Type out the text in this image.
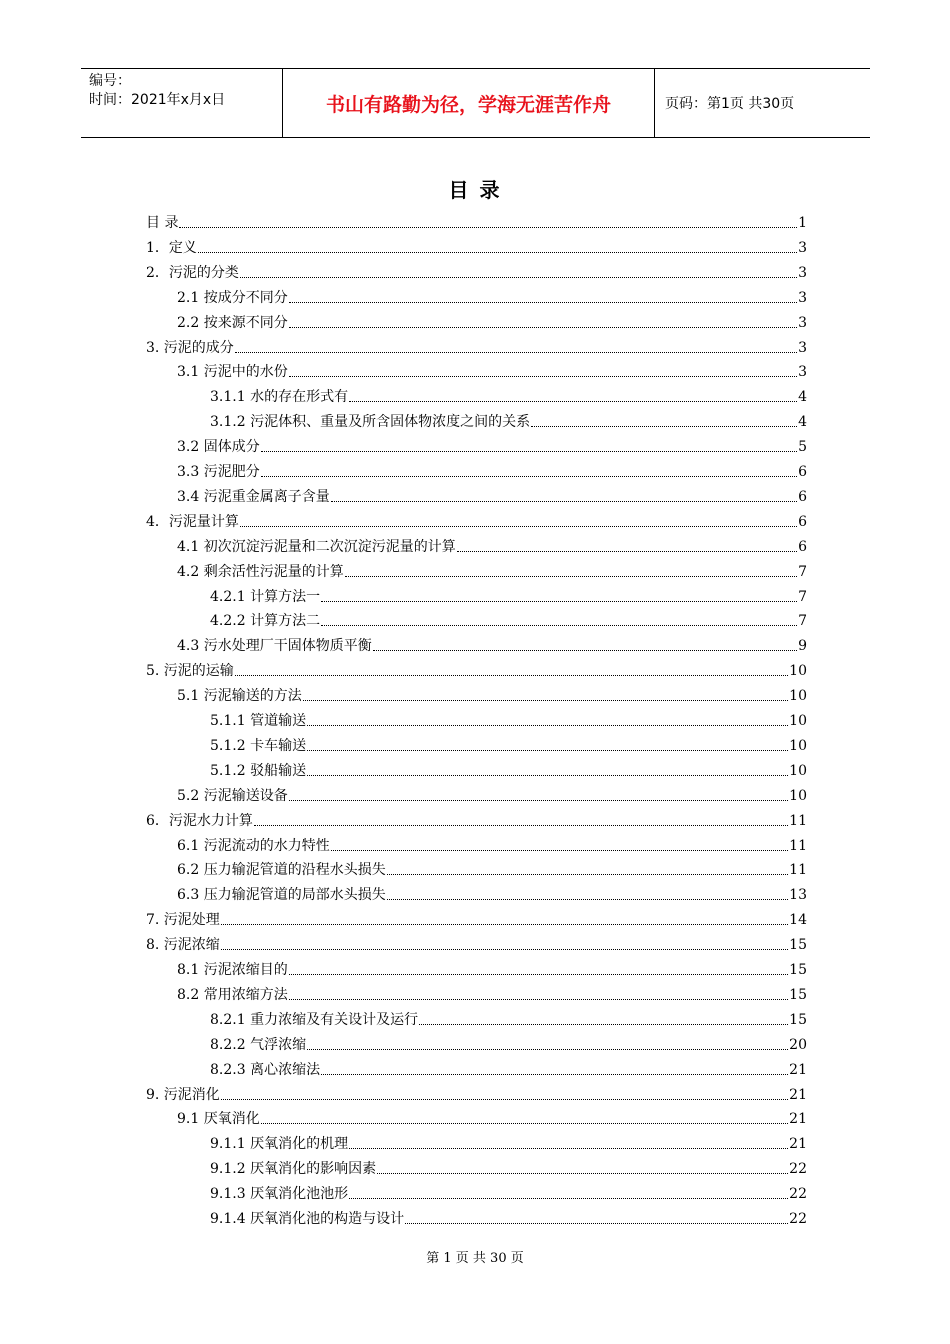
编号：
时间：2021年x月x日	书山有路勤为径，学海无涯苦作舟	页码：第1页 共30页
目 录
目 录	1
1．定义	3
2．污泥的分类	3
2.1 按成分不同分	3
2.2 按来源不同分	3
3. 污泥的成分	3
3.1 污泥中的水份	3
3.1.1 水的存在形式有	4
3.1.2 污泥体积、重量及所含固体物浓度之间的关系	4
3.2 固体成分	5
3.3 污泥肥分	6
3.4 污泥重金属离子含量	6
4．污泥量计算	6
4.1 初次沉淀污泥量和二次沉淀污泥量的计算	6
4.2 剩余活性污泥量的计算	7
4.2.1 计算方法一	7
4.2.2 计算方法二	7
4.3 污水处理厂干固体物质平衡	9
5. 污泥的运输	10
5.1 污泥输送的方法	10
5.1.1 管道输送	10
5.1.2 卡车输送	10
5.1.2 驳船输送	10
5.2 污泥输送设备	10
6．污泥水力计算	11
6.1 污泥流动的水力特性	11
6.2 压力输泥管道的沿程水头损失	11
6.3 压力输泥管道的局部水头损失	13
7. 污泥处理	14
8. 污泥浓缩	15
8.1 污泥浓缩目的	15
8.2 常用浓缩方法	15
8.2.1 重力浓缩及有关设计及运行	15
8.2.2 气浮浓缩	20
8.2.3 离心浓缩法	21
9. 污泥消化	21
9.1 厌氧消化	21
9.1.1 厌氧消化的机理	21
9.1.2 厌氧消化的影响因素	22
9.1.3 厌氧消化池池形	22
9.1.4 厌氧消化池的构造与设计	22
第 1 页 共 30 页
